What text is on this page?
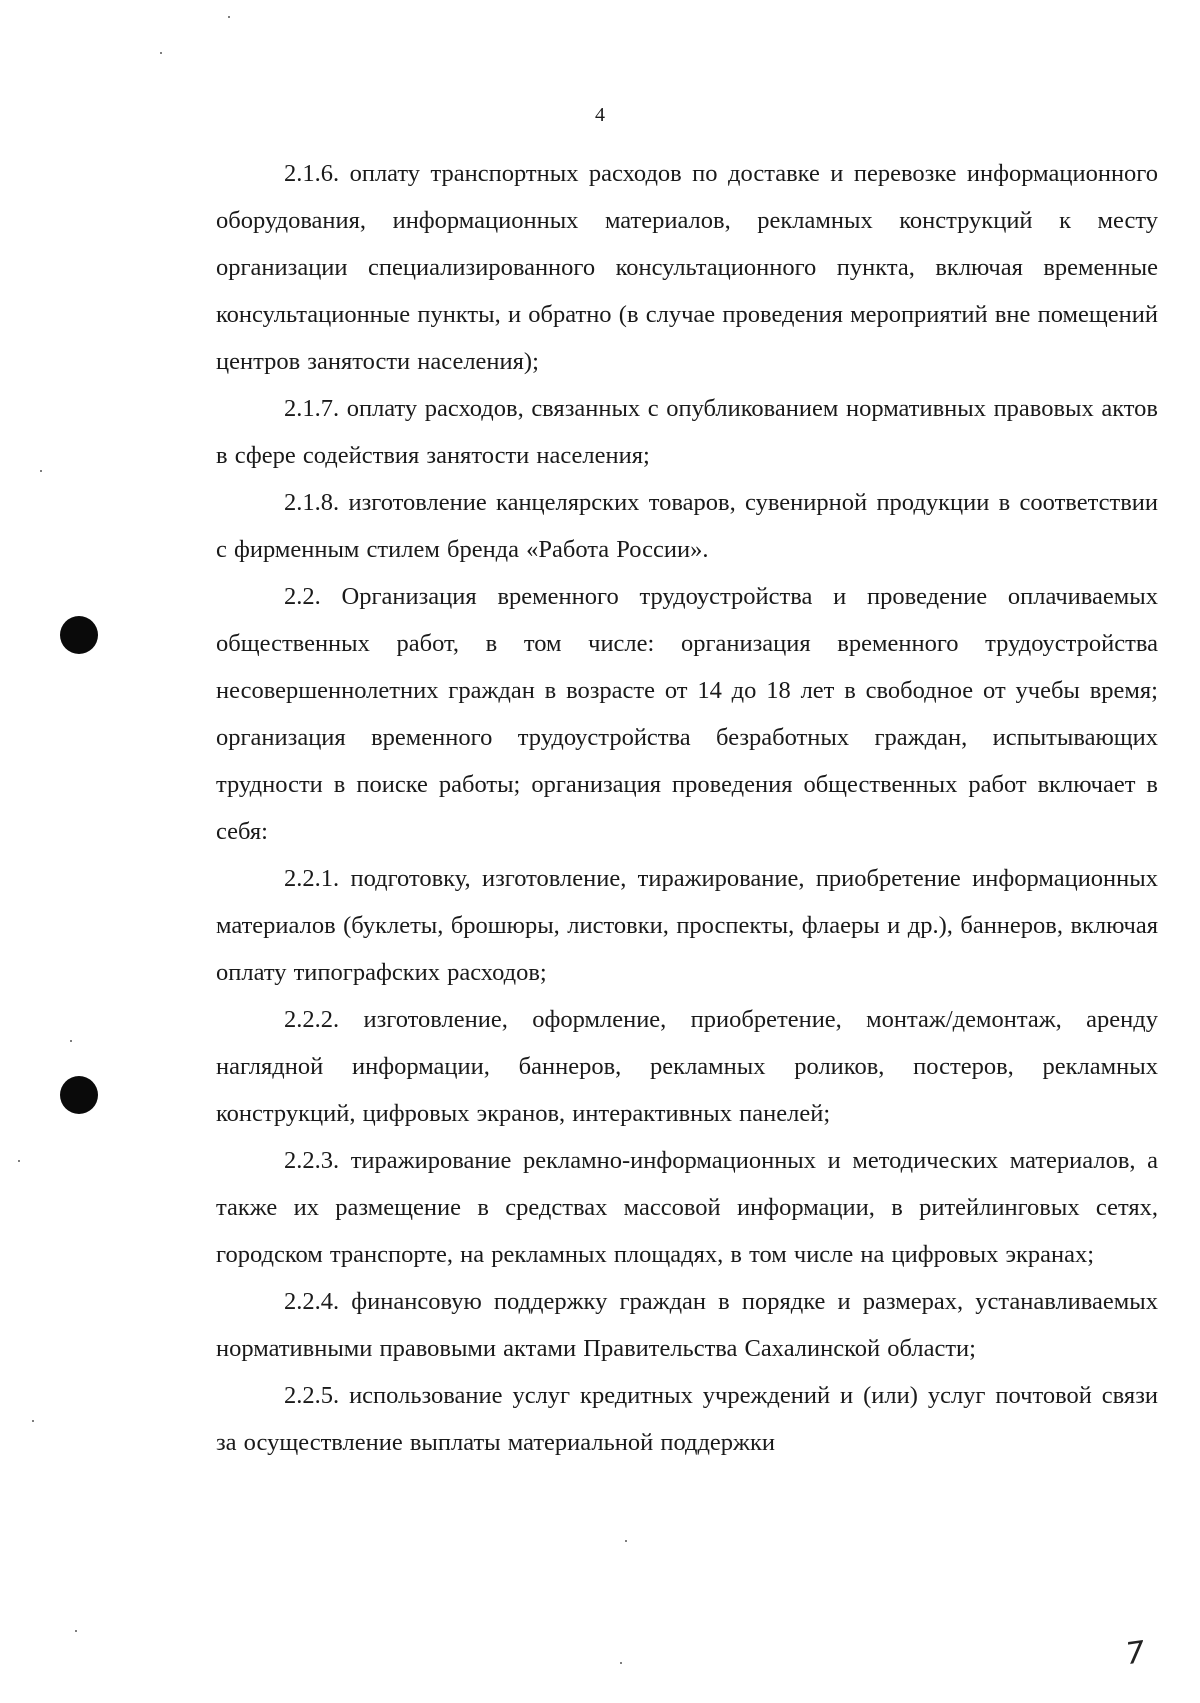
4

2.1.6. оплату транспортных расходов по доставке и перевозке информационного оборудования, информационных материалов, рекламных конструкций к месту организации специализированного консультационного пункта, включая временные консультационные пункты, и обратно (в случае проведения мероприятий вне помещений центров занятости населения);

2.1.7. оплату расходов, связанных с опубликованием нормативных правовых актов в сфере содействия занятости населения;

2.1.8. изготовление канцелярских товаров, сувенирной продукции в соответствии с фирменным стилем бренда «Работа России».

2.2. Организация временного трудоустройства и проведение оплачиваемых общественных работ, в том числе: организация временного трудоустройства несовершеннолетних граждан в возрасте от 14 до 18 лет в свободное от учебы время; организация временного трудоустройства безработных граждан, испытывающих трудности в поиске работы; организация проведения общественных работ включает в себя:

2.2.1. подготовку, изготовление, тиражирование, приобретение информационных материалов (буклеты, брошюры, листовки, проспекты, флаеры и др.), баннеров, включая оплату типографских расходов;

2.2.2. изготовление, оформление, приобретение, монтаж/демонтаж, аренду наглядной информации, баннеров, рекламных роликов, постеров, рекламных конструкций, цифровых экранов, интерактивных панелей;

2.2.3. тиражирование рекламно-информационных и методических материалов, а также их размещение в средствах массовой информации, в ритейлинговых сетях, городском транспорте, на рекламных площадях, в том числе на цифровых экранах;

2.2.4. финансовую поддержку граждан в порядке и размерах, устанавливаемых нормативными правовыми актами Правительства Сахалинской области;

2.2.5. использование услуг кредитных учреждений и (или) услуг почтовой связи за осуществление выплаты материальной поддержки

7
